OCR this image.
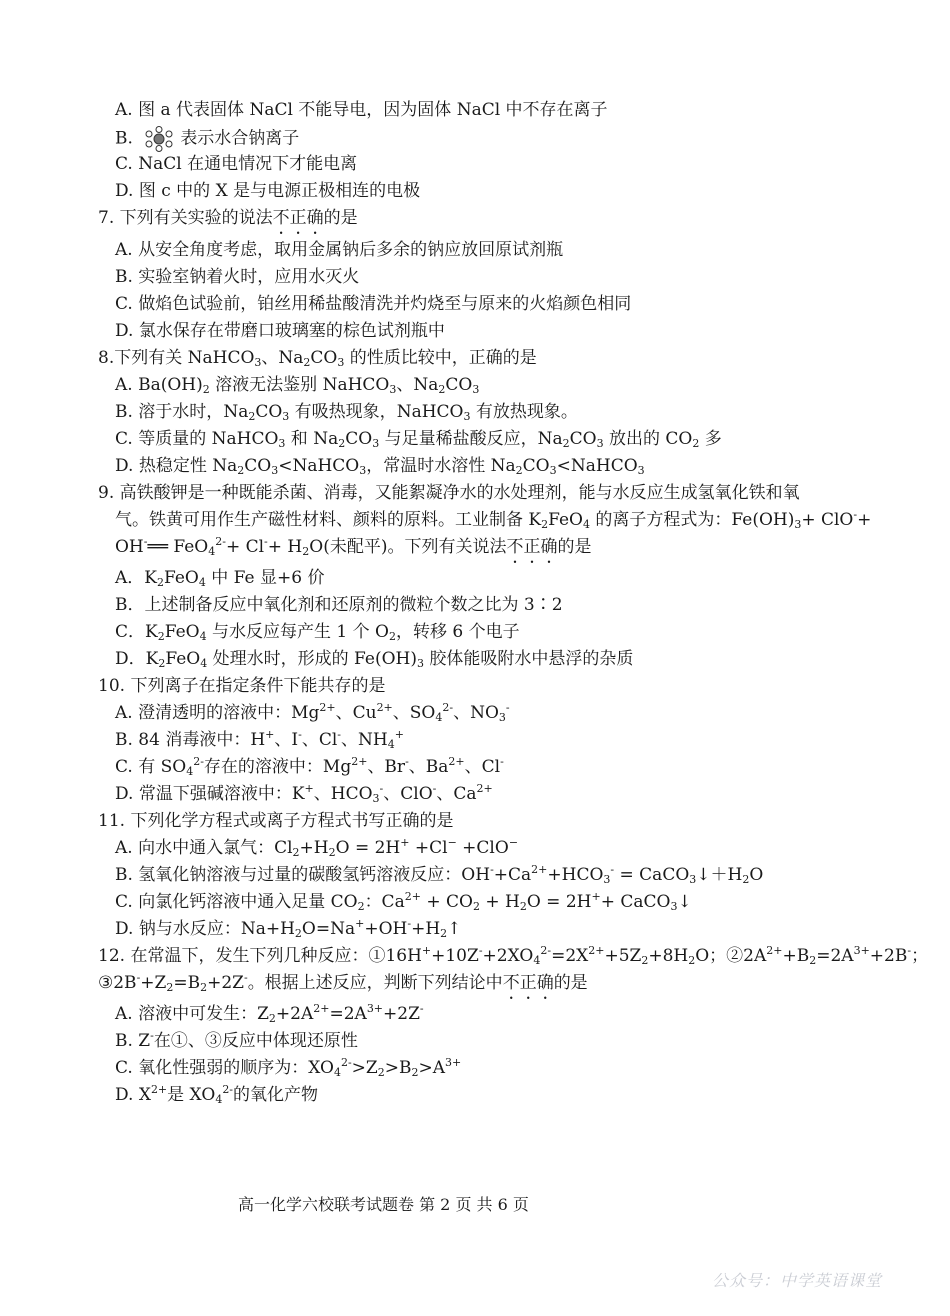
A. 图 a 代表固体 NaCl 不能导电，因为固体 NaCl 中不存在离子
B.	表示水合钠离子
C. NaCl 在通电情况下才能电离
D. 图 c 中的 X 是与电源正极相连的电极
7. 下列有关实验的说法不正确的是
A. 从安全角度考虑，取用金属钠后多余的钠应放回原试剂瓶
B. 实验室钠着火时，应用水灭火
C. 做焰色试验前，铂丝用稀盐酸清洗并灼烧至与原来的火焰颜色相同
D. 氯水保存在带磨口玻璃塞的棕色试剂瓶中
8.下列有关 NaHCO$_3$、$Na_2CO_3$ 的性质比较中，正确的是
A. $Ba(OH)_2$ 溶液无法鉴别 NaHCO$_3$、$Na_2CO_3$
B. 溶于水时，$Na_2CO_3$ 有吸热现象，NaHCO$_3$ 有放热现象。
C. 等质量的 NaHCO$_3$ 和 $Na_2CO_3$ 与足量稀盐酸反应，$Na_2CO_3$ 放出的 $CO_2$ 多
D. 热稳定性 $Na_2CO_3<NaHCO_3$，常温时水溶性 $Na_2CO_3<NaHCO_3$
9. 高铁酸钾是一种既能杀菌、消毒，又能絮凝净水的水处理剂，能与水反应生成氢氧化铁和氧
气。铁黄可用作生产磁性材料、颜料的原料。工业制备 $K_2FeO_4$ 的离子方程式为：$Fe(OH)_3+ ClO^-+$
OH-══ $FeO_4^{2-}+ Cl^-+ H_2O$(未配平)。下列有关说法不正确的是
A．$K_2FeO_4$ 中 Fe 显+6 价
B．上述制备反应中氧化剂和还原剂的微粒个数之比为 3∶2
C．$K_2FeO_4$ 与水反应每产生 1 个 $O_2$，转移 6 个电子
D．$K_2FeO_4$ 处理水时，形成的 $Fe(OH)_3$ 胶体能吸附水中悬浮的杂质
10. 下列离子在指定条件下能共存的是
A. 澄清透明的溶液中：$Mg^{2+}$、$Cu^{2+}$、$SO_4^{2-}$、$NO_3^-$
B. 84 消毒液中：H+、I-、Cl-、$NH_4^+$
C. 有 $SO_4^{2-}$存在的溶液中：$Mg^{2+}$、Br-、$Ba^{2+}$、Cl-
D. 常温下强碱溶液中：K+、$HCO_3^-$、ClO-、$Ca^{2+}$
11. 下列化学方程式或离子方程式书写正确的是
A. 向水中通入氯气：$Cl_2+H_2O = 2H^+ +Cl^- +ClO^-$
B. 氢氧化钠溶液与过量的碳酸氢钙溶液反应：$OH^-+Ca^{2+}+HCO_3^-$ = $CaCO_3↓+H_2O$
C. 向氯化钙溶液中通入足量 $CO_2$：$Ca^{2+} + CO_2 + H_2O = 2H^++$ CaCO$_3$↓
D. 钠与水反应：$Na+H_2O=Na^++OH^-+H_2↑$
12. 在常温下，发生下列几种反应：$①16H^++10Z^-+2XO_4^{2-}=2X^{2+}+5Z_2+8H_2O$；$②2A^{2+}+B_2=2A^{3+}+2B^-$；
$③2B^-+Z_2=B_2+2Z^-$。根据上述反应，判断下列结论中不正确的是
A. 溶液中可发生：$Z_2+2A^{2+}=2A^{3+}+2Z^-$
B. Z-在①、③反应中体现还原性
C. 氧化性强弱的顺序为：$XO_4^{2-}>Z_2>B_2>A^{3+}$
D. $X^{2+}$是 $XO_4^{2-}$的氧化产物
高一化学六校联考试题卷 第 2 页 共 6 页
公众号：中学英语课堂
